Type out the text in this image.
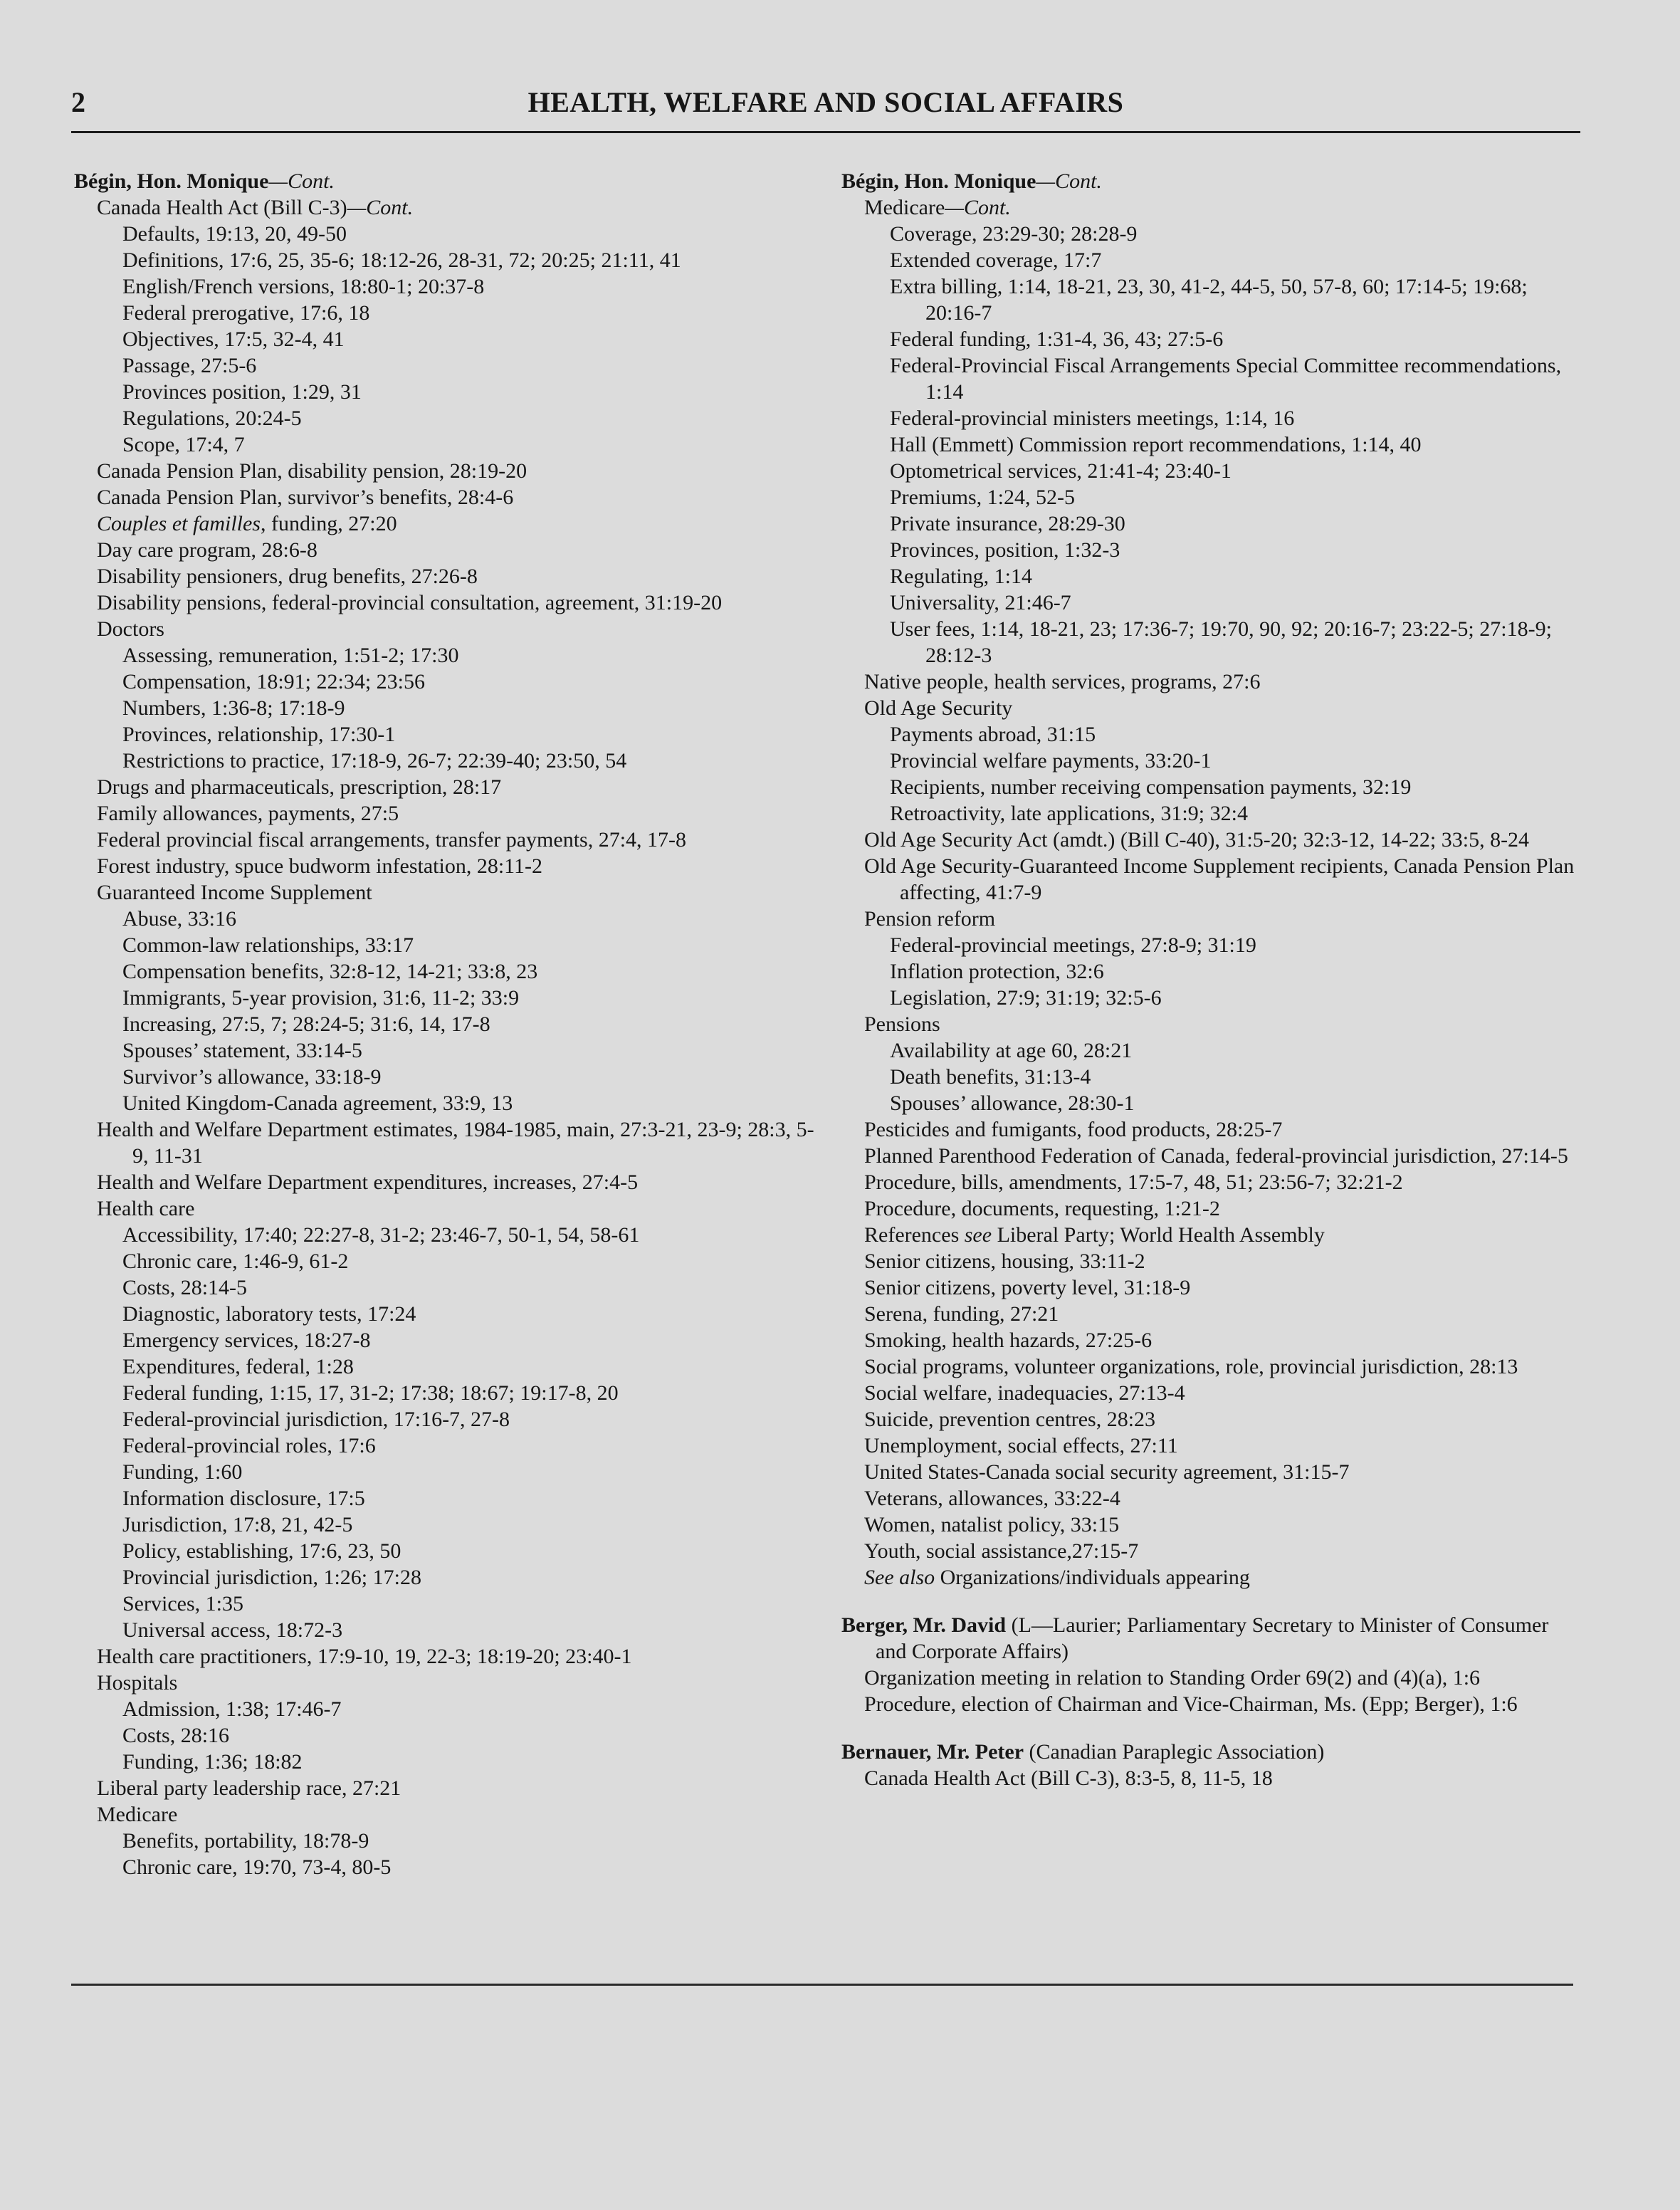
2	HEALTH, WELFARE AND SOCIAL AFFAIRS
Bégin, Hon. Monique—Cont.
Canada Health Act (Bill C-3)—Cont.
Defaults, 19:13, 20, 49-50
Definitions, 17:6, 25, 35-6; 18:12-26, 28-31, 72; 20:25; 21:11, 41
English/French versions, 18:80-1; 20:37-8
Federal prerogative, 17:6, 18
Objectives, 17:5, 32-4, 41
Passage, 27:5-6
Provinces position, 1:29, 31
Regulations, 20:24-5
Scope, 17:4, 7
Canada Pension Plan, disability pension, 28:19-20
Canada Pension Plan, survivor’s benefits, 28:4-6
Couples et familles, funding, 27:20
Day care program, 28:6-8
Disability pensioners, drug benefits, 27:26-8
Disability pensions, federal-provincial consultation, agreement, 31:19-20
Doctors
Assessing, remuneration, 1:51-2; 17:30
Compensation, 18:91; 22:34; 23:56
Numbers, 1:36-8; 17:18-9
Provinces, relationship, 17:30-1
Restrictions to practice, 17:18-9, 26-7; 22:39-40; 23:50, 54
Drugs and pharmaceuticals, prescription, 28:17
Family allowances, payments, 27:5
Federal provincial fiscal arrangements, transfer payments, 27:4, 17-8
Forest industry, spuce budworm infestation, 28:11-2
Guaranteed Income Supplement
Abuse, 33:16
Common-law relationships, 33:17
Compensation benefits, 32:8-12, 14-21; 33:8, 23
Immigrants, 5-year provision, 31:6, 11-2; 33:9
Increasing, 27:5, 7; 28:24-5; 31:6, 14, 17-8
Spouses’ statement, 33:14-5
Survivor’s allowance, 33:18-9
United Kingdom-Canada agreement, 33:9, 13
Health and Welfare Department estimates, 1984-1985, main, 27:3-21, 23-9; 28:3, 5-9, 11-31
Health and Welfare Department expenditures, increases, 27:4-5
Health care
Accessibility, 17:40; 22:27-8, 31-2; 23:46-7, 50-1, 54, 58-61
Chronic care, 1:46-9, 61-2
Costs, 28:14-5
Diagnostic, laboratory tests, 17:24
Emergency services, 18:27-8
Expenditures, federal, 1:28
Federal funding, 1:15, 17, 31-2; 17:38; 18:67; 19:17-8, 20
Federal-provincial jurisdiction, 17:16-7, 27-8
Federal-provincial roles, 17:6
Funding, 1:60
Information disclosure, 17:5
Jurisdiction, 17:8, 21, 42-5
Policy, establishing, 17:6, 23, 50
Provincial jurisdiction, 1:26; 17:28
Services, 1:35
Universal access, 18:72-3
Health care practitioners, 17:9-10, 19, 22-3; 18:19-20; 23:40-1
Hospitals
Admission, 1:38; 17:46-7
Costs, 28:16
Funding, 1:36; 18:82
Liberal party leadership race, 27:21
Medicare
Benefits, portability, 18:78-9
Chronic care, 19:70, 73-4, 80-5
Bégin, Hon. Monique—Cont.
Medicare—Cont.
Coverage, 23:29-30; 28:28-9
Extended coverage, 17:7
Extra billing, 1:14, 18-21, 23, 30, 41-2, 44-5, 50, 57-8, 60; 17:14-5; 19:68; 20:16-7
Federal funding, 1:31-4, 36, 43; 27:5-6
Federal-Provincial Fiscal Arrangements Special Committee recommendations, 1:14
Federal-provincial ministers meetings, 1:14, 16
Hall (Emmett) Commission report recommendations, 1:14, 40
Optometrical services, 21:41-4; 23:40-1
Premiums, 1:24, 52-5
Private insurance, 28:29-30
Provinces, position, 1:32-3
Regulating, 1:14
Universality, 21:46-7
User fees, 1:14, 18-21, 23; 17:36-7; 19:70, 90, 92; 20:16-7; 23:22-5; 27:18-9; 28:12-3
Native people, health services, programs, 27:6
Old Age Security
Payments abroad, 31:15
Provincial welfare payments, 33:20-1
Recipients, number receiving compensation payments, 32:19
Retroactivity, late applications, 31:9; 32:4
Old Age Security Act (amdt.) (Bill C-40), 31:5-20; 32:3-12, 14-22; 33:5, 8-24
Old Age Security-Guaranteed Income Supplement recipients, Canada Pension Plan affecting, 41:7-9
Pension reform
Federal-provincial meetings, 27:8-9; 31:19
Inflation protection, 32:6
Legislation, 27:9; 31:19; 32:5-6
Pensions
Availability at age 60, 28:21
Death benefits, 31:13-4
Spouses’ allowance, 28:30-1
Pesticides and fumigants, food products, 28:25-7
Planned Parenthood Federation of Canada, federal-provincial jurisdiction, 27:14-5
Procedure, bills, amendments, 17:5-7, 48, 51; 23:56-7; 32:21-2
Procedure, documents, requesting, 1:21-2
References see Liberal Party; World Health Assembly
Senior citizens, housing, 33:11-2
Senior citizens, poverty level, 31:18-9
Serena, funding, 27:21
Smoking, health hazards, 27:25-6
Social programs, volunteer organizations, role, provincial jurisdiction, 28:13
Social welfare, inadequacies, 27:13-4
Suicide, prevention centres, 28:23
Unemployment, social effects, 27:11
United States-Canada social security agreement, 31:15-7
Veterans, allowances, 33:22-4
Women, natalist policy, 33:15
Youth, social assistance,27:15-7
See also Organizations/individuals appearing
Berger, Mr. David (L—Laurier; Parliamentary Secretary to Minister of Consumer and Corporate Affairs)
Organization meeting in relation to Standing Order 69(2) and (4)(a), 1:6
Procedure, election of Chairman and Vice-Chairman, Ms. (Epp; Berger), 1:6
Bernauer, Mr. Peter (Canadian Paraplegic Association)
Canada Health Act (Bill C-3), 8:3-5, 8, 11-5, 18
